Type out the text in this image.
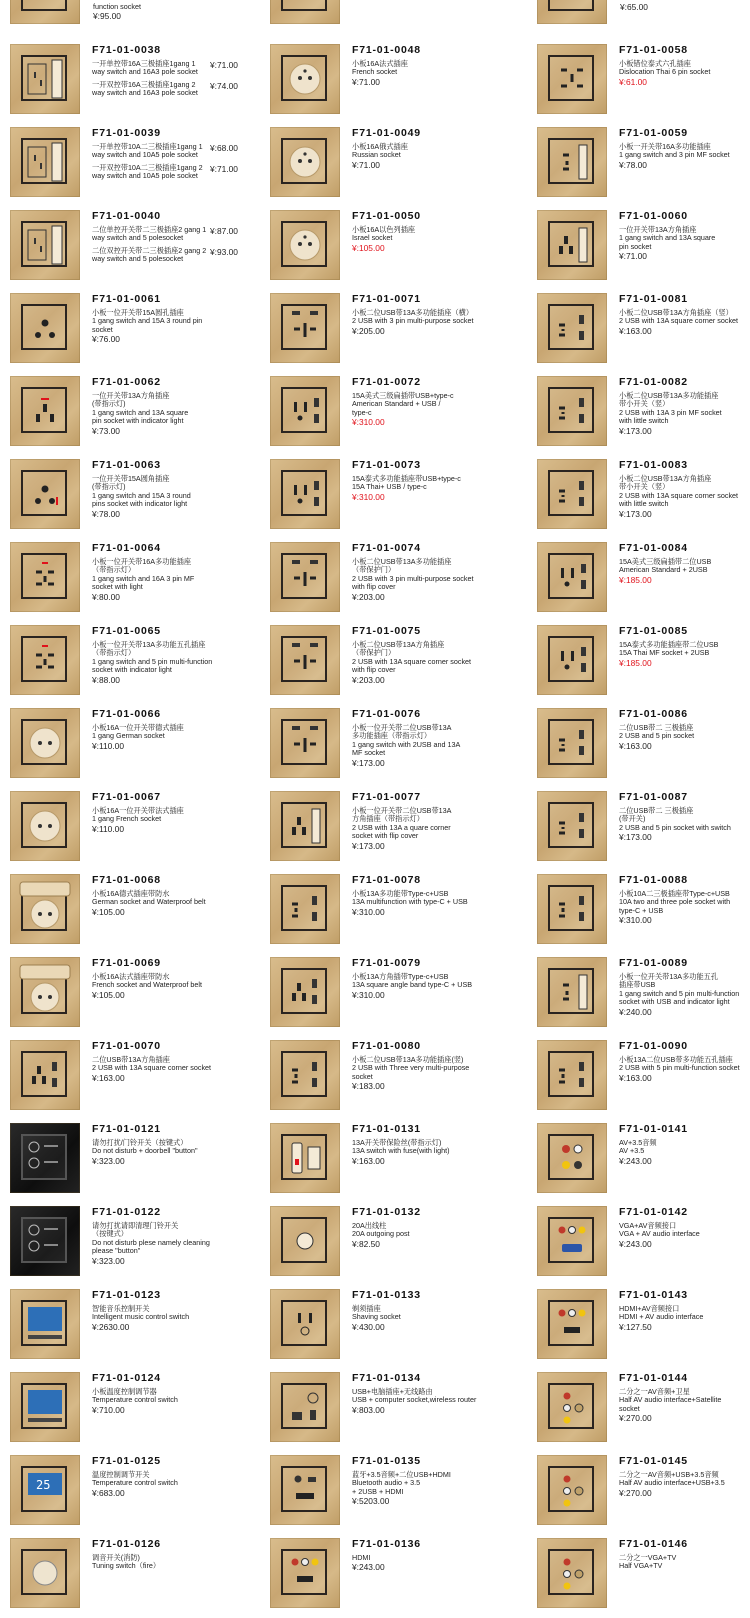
function socket
¥:95.00
¥:65.00
F71-01-0038
一开单控带16A三极插座1gang 1 way switch and 16A3 pole socket
¥:71.00
一开双控带16A三极插座1gang 2 way switch and 16A3 pole socket
¥:74.00
F71-01-0048
小板16A法式插座
French socket
¥:71.00
F71-01-0058
小板错位泰式六孔插座
Dislocation Thai 6 pin socket
¥:61.00
F71-01-0039
一开单控带10A二三极插座1gang 1 way switch and 10A5 pole socket
¥:68.00
一开双控带10A二三极插座1gang 2 way switch and 10A5 pole socket
¥:71.00
F71-01-0049
小板16A俄式插座
Russian socket
¥:71.00
F71-01-0059
小板一开关带16A多功能插座
1 gang switch and 3 pin MF socket
¥:78.00
F71-01-0040
二位单控开关带二三极插座2 gang 1 way switch and 5 polesocket
¥:87.00
二位双控开关带二三极插座2 gang 2 way switch and 5 polesocket
¥:93.00
F71-01-0050
小板16A以色列插座
Israel socket
¥:105.00
F71-01-0060
一位开关带13A方角插座
1 gang switch and 13A square
pin socket
¥:71.00
F71-01-0061
小板一位开关带15A圆孔插座
1 gang switch and 15A 3 round pin
socket
¥:76.00
F71-01-0071
小板二位USB带13A多功能插座（横）
2 USB with 3 pin multi-purpose socket
¥:205.00
F71-01-0081
小板二位USB带13A方角插座（竖）
2 USB with 13A square corner socket
¥:163.00
F71-01-0062
一位开关带13A方角插座
(带指示灯)
1 gang switch and 13A square
pin socket with indicator light
¥:73.00
F71-01-0072
15A美式三级扁插带USB+type-c
American Standard + USB /
type-c
¥:310.00
F71-01-0082
小板二位USB带13A多功能插座
带小开关（竖）
2 USB with 13A 3 pin MF socket
with little switch
¥:173.00
F71-01-0063
一位开关带15A圆角插座
(带指示灯)
1 gang switch and 15A 3 round
pins socket with indicator light
¥:78.00
F71-01-0073
15A泰式多功能插座带USB+type-c
15A Thai+ USB / type-c
¥:310.00
F71-01-0083
小板二位USB带13A方角插座
带小开关（竖）
2 USB with 13A square corner socket
with little switch
¥:173.00
F71-01-0064
小板一位开关带16A多功能插座
（带指示灯）
1 gang switch and 16A 3 pin MF
socket with light
¥:80.00
F71-01-0074
小板二位USB带13A多功能插座
（带保护门）
2 USB with 3 pin multi-purpose socket
with flip cover
¥:203.00
F71-01-0084
15A美式三级扁插带二位USB
American Standard + 2USB
¥:185.00
F71-01-0065
小板一位开关带13A多功能五孔插座
（带指示灯）
1 gang switch and 5 pin multi-function
socket with indicator light
¥:88.00
F71-01-0075
小板二位USB带13A方角插座
（带保护门）
2 USB with 13A square corner socket
with flip cover
¥:203.00
F71-01-0085
15A泰式多功能插座带二位USB
15A Thai MF socket + 2USB
¥:185.00
F71-01-0066
小板16A一位开关带德式插座
1 gang German socket
¥:110.00
F71-01-0076
小板一位开关带二位USB带13A
多功能插座（带指示灯）
1 gang switch with 2USB and 13A
MF socket
¥:173.00
F71-01-0086
二位USB带二 三极插座
2 USB and 5 pin socket
¥:163.00
F71-01-0067
小板16A一位开关带法式插座
1 gang French socket
¥:110.00
F71-01-0077
小板一位开关带二位USB带13A
方角插座（带指示灯）
2 USB with 13A a quare corner
socket with flip cover
¥:173.00
F71-01-0087
二位USB带二 三极插座
(带开关)
2 USB and 5 pin socket with switch
¥:173.00
F71-01-0068
小板16A德式插座带防水
German socket and Waterproof belt
¥:105.00
F71-01-0078
小板13A多功能带Type-c+USB
13A multifunction with type-C + USB
¥:310.00
F71-01-0088
小板10A二三极插座带Type-c+USB
10A two and three pole socket with
type-C + USB
¥:310.00
F71-01-0069
小板16A法式插座带防水
French socket and Waterproof belt
¥:105.00
F71-01-0079
小板13A方角插带Type-c+USB
13A square angle band type-C + USB
¥:310.00
F71-01-0089
小板一位开关带13A多功能五孔
插座带USB
1 gang switch and 5 pin multi-function
socket with USB and indicator light
¥:240.00
F71-01-0070
二位USB带13A方角插座
2 USB with 13A square corner socket
¥:163.00
F71-01-0080
小板二位USB带13A多功能插座(竖)
2 USB with Three very multi-purpose
socket
¥:183.00
F71-01-0090
小板13A二位USB带多功能五孔插座
2 USB with 5 pin multi-function socket
¥:163.00
F71-01-0121
请勿打扰/门铃开关（按键式）
Do not disturb + doorbell "button"
¥:323.00
F71-01-0131
13A开关带保险丝(带指示灯)
13A switch with fuse(with light)
¥:163.00
F71-01-0141
AV+3.5音频
AV +3.5
¥:243.00
F71-01-0122
请勿打扰请即清理门铃开关
（按键式）
Do not disturb plese namely cleaning
please "button"
¥:323.00
F71-01-0132
20A出线柱
20A outgoing post
¥:82.50
F71-01-0142
VGA+AV音频接口
VGA + AV audio interface
¥:243.00
F71-01-0123
智能音乐控制开关
Intelligent music control switch
¥:2630.00
F71-01-0133
剃须插座
Shaving socket
¥:430.00
F71-01-0143
HDMI+AV音频接口
HDMI + AV audio interface
¥:127.50
F71-01-0124
小板温度控制调节器
Temperature control switch
¥:710.00
F71-01-0134
USB+电脑插座+无线路由
USB + computer socket,wireless router
¥:803.00
F71-01-0144
二分之一AV音频+卫星
Half AV audio interface+Satellite
socket
¥:270.00
25
F71-01-0125
温度控制调节开关
Temperature control switch
¥:683.00
F71-01-0135
蓝牙+3.5音频+二位USB+HDMI
Bluetooth audio + 3.5
+ 2USB + HDMI
¥:5203.00
F71-01-0145
二分之一AV音频+USB+3.5音频
Half AV audio interface+USB+3.5
¥:270.00
F71-01-0126
调音开关(消防)
Tuning switch（fire）
F71-01-0136
HDMI
¥:243.00
F71-01-0146
二分之一VGA+TV
Half VGA+TV
